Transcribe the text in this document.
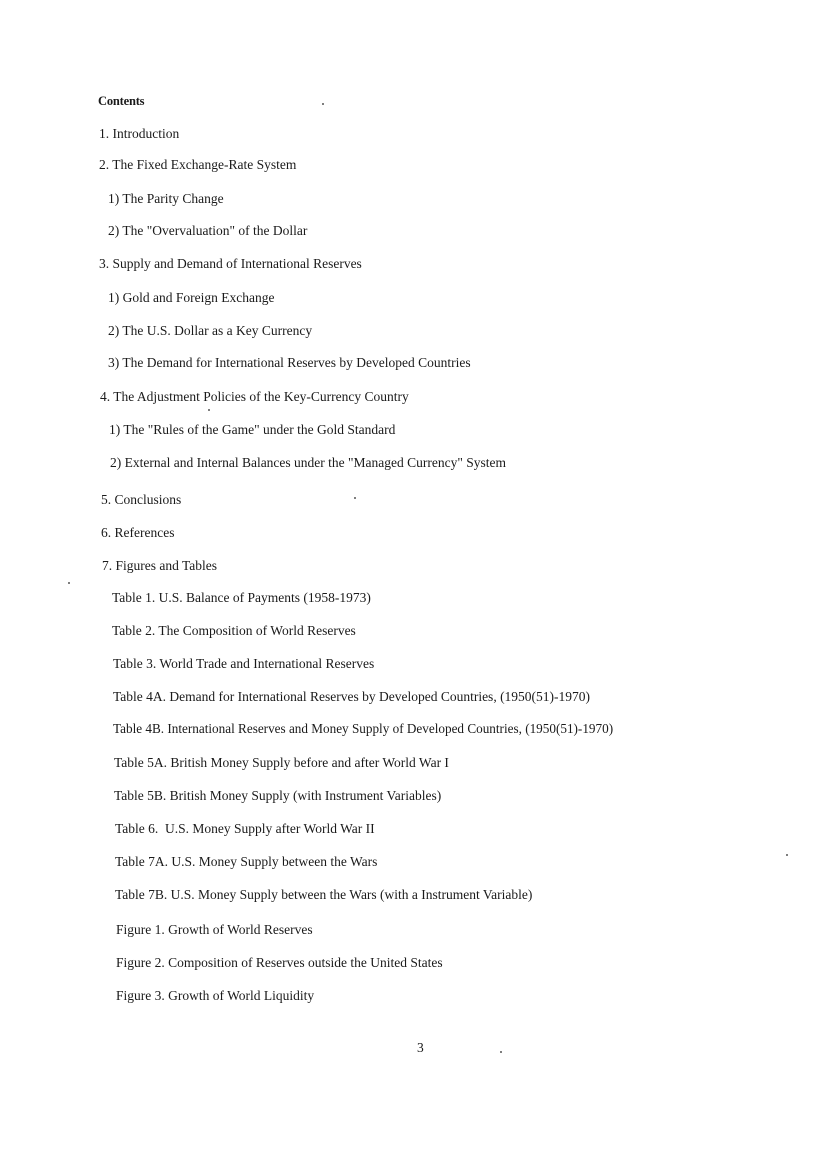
Contents
1. Introduction
2. The Fixed Exchange-Rate System
1) The Parity Change
2) The "Overvaluation" of the Dollar
3. Supply and Demand of International Reserves
1) Gold and Foreign Exchange
2) The U.S. Dollar as a Key Currency
3) The Demand for International Reserves by Developed Countries
4. The Adjustment Policies of the Key-Currency Country
1) The "Rules of the Game" under the Gold Standard
2) External and Internal Balances under the "Managed Currency" System
5. Conclusions
6. References
7. Figures and Tables
Table 1. U.S. Balance of Payments (1958-1973)
Table 2. The Composition of World Reserves
Table 3. World Trade and International Reserves
Table 4A. Demand for International Reserves by Developed Countries, (1950(51)-1970)
Table 4B. International Reserves and Money Supply of Developed Countries, (1950(51)-1970)
Table 5A. British Money Supply before and after World War I
Table 5B. British Money Supply (with Instrument Variables)
Table 6.  U.S. Money Supply after World War II
Table 7A. U.S. Money Supply between the Wars
Table 7B. U.S. Money Supply between the Wars (with a Instrument Variable)
Figure 1. Growth of World Reserves
Figure 2. Composition of Reserves outside the United States
Figure 3. Growth of World Liquidity
3
